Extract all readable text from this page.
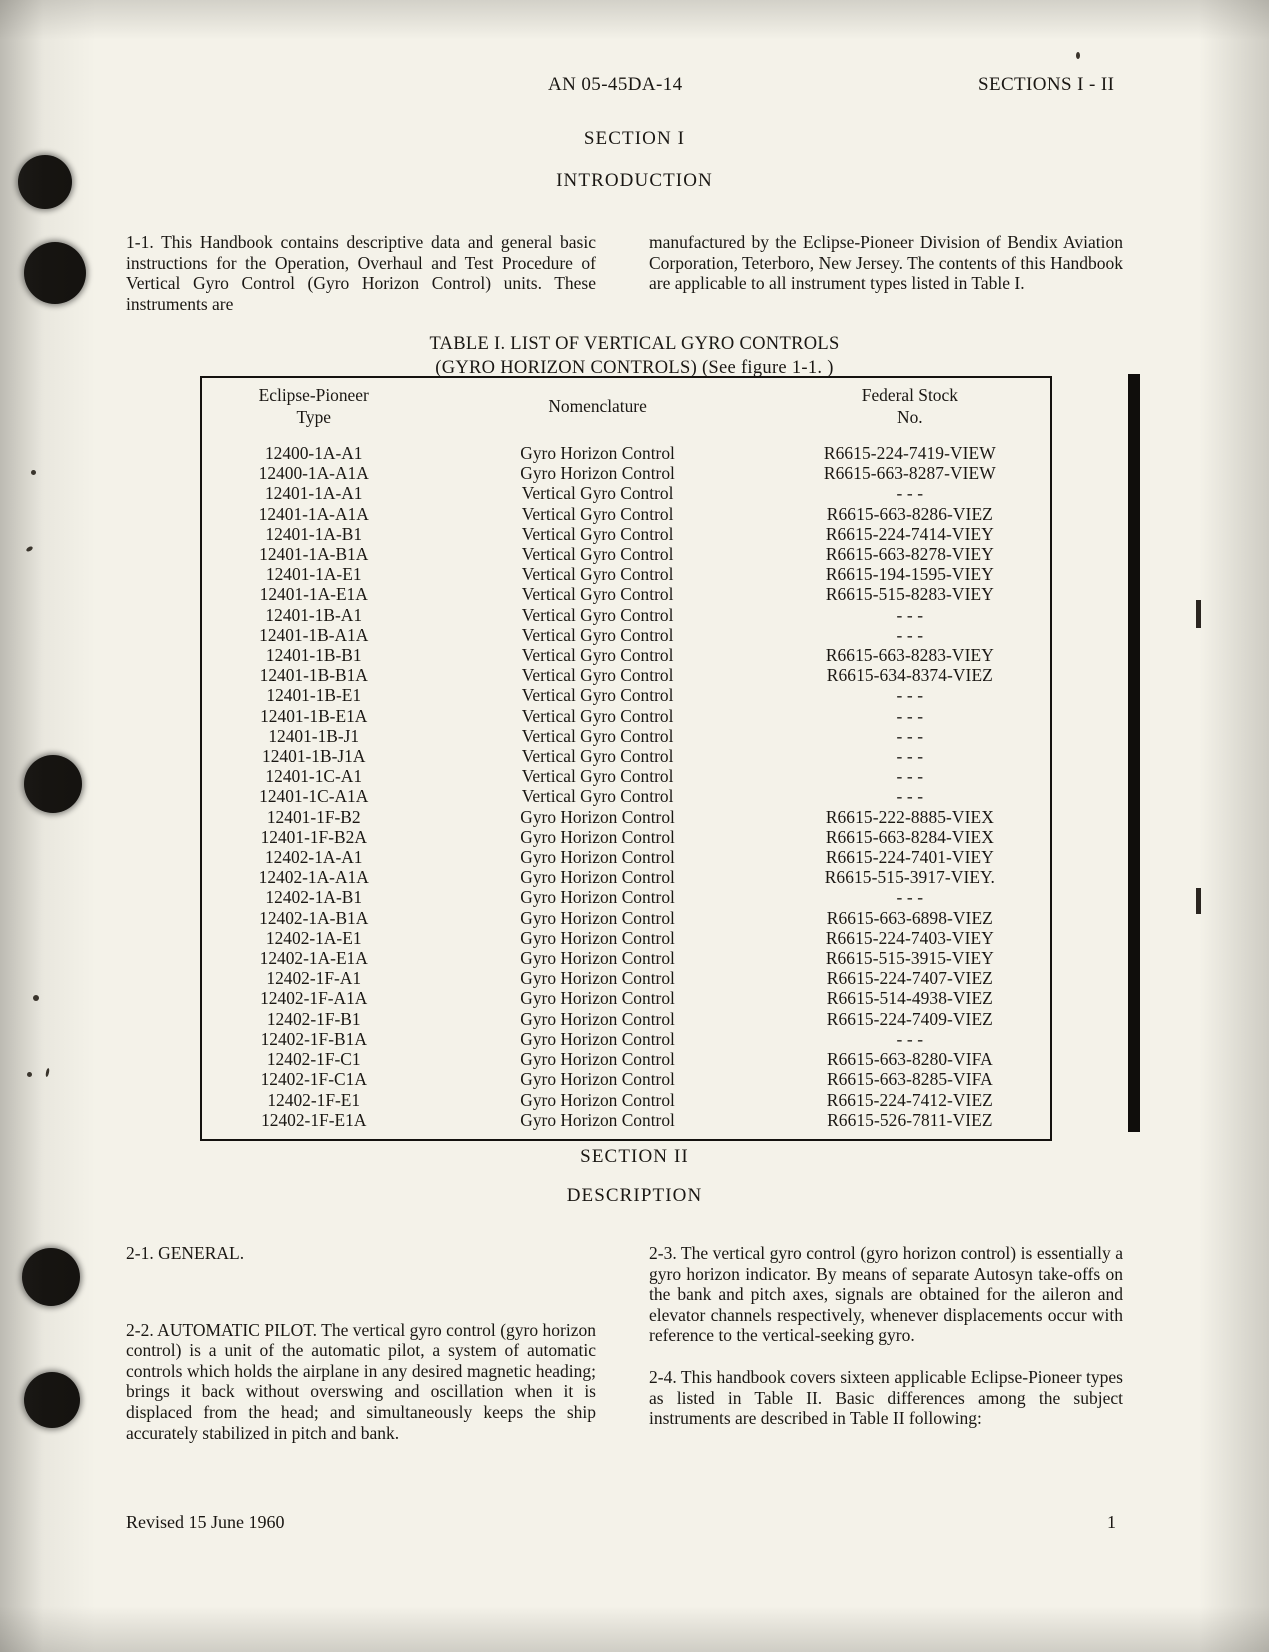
AN 05-45DA-14	SECTIONS I - II
SECTION I
INTRODUCTION

1-1. This Handbook contains descriptive data and general basic instructions for the Operation, Overhaul and Test Procedure of Vertical Gyro Control (Gyro Horizon Control) units. These instruments are

manufactured by the Eclipse-Pioneer Division of Bendix Aviation Corporation, Teterboro, New Jersey. The contents of this Handbook are applicable to all instrument types listed in Table I.

TABLE I. LIST OF VERTICAL GYRO CONTROLS
(GYRO HORIZON CONTROLS) (See figure 1-1. )
Eclipse-Pioneer
Type	Nomenclature	Federal Stock
No.

12400-1A-A1	Gyro Horizon Control	R6615-224-7419-VIEW
12400-1A-A1A	Gyro Horizon Control	R6615-663-8287-VIEW
12401-1A-A1	Vertical Gyro Control	- - -
12401-1A-A1A	Vertical Gyro Control	R6615-663-8286-VIEZ
12401-1A-B1	Vertical Gyro Control	R6615-224-7414-VIEY
12401-1A-B1A	Vertical Gyro Control	R6615-663-8278-VIEY
12401-1A-E1	Vertical Gyro Control	R6615-194-1595-VIEY
12401-1A-E1A	Vertical Gyro Control	R6615-515-8283-VIEY
12401-1B-A1	Vertical Gyro Control	- - -
12401-1B-A1A	Vertical Gyro Control	- - -
12401-1B-B1	Vertical Gyro Control	R6615-663-8283-VIEY
12401-1B-B1A	Vertical Gyro Control	R6615-634-8374-VIEZ
12401-1B-E1	Vertical Gyro Control	- - -
12401-1B-E1A	Vertical Gyro Control	- - -
12401-1B-J1	Vertical Gyro Control	- - -
12401-1B-J1A	Vertical Gyro Control	- - -
12401-1C-A1	Vertical Gyro Control	- - -
12401-1C-A1A	Vertical Gyro Control	- - -
12401-1F-B2	Gyro Horizon Control	R6615-222-8885-VIEX
12401-1F-B2A	Gyro Horizon Control	R6615-663-8284-VIEX
12402-1A-A1	Gyro Horizon Control	R6615-224-7401-VIEY
12402-1A-A1A	Gyro Horizon Control	R6615-515-3917-VIEY.
12402-1A-B1	Gyro Horizon Control	- - -
12402-1A-B1A	Gyro Horizon Control	R6615-663-6898-VIEZ
12402-1A-E1	Gyro Horizon Control	R6615-224-7403-VIEY
12402-1A-E1A	Gyro Horizon Control	R6615-515-3915-VIEY
12402-1F-A1	Gyro Horizon Control	R6615-224-7407-VIEZ
12402-1F-A1A	Gyro Horizon Control	R6615-514-4938-VIEZ
12402-1F-B1	Gyro Horizon Control	R6615-224-7409-VIEZ
12402-1F-B1A	Gyro Horizon Control	- - -
12402-1F-C1	Gyro Horizon Control	R6615-663-8280-VIFA
12402-1F-C1A	Gyro Horizon Control	R6615-663-8285-VIFA
12402-1F-E1	Gyro Horizon Control	R6615-224-7412-VIEZ
12402-1F-E1A	Gyro Horizon Control	R6615-526-7811-VIEZ

SECTION II
DESCRIPTION

2-1. GENERAL.

2-2. AUTOMATIC PILOT. The vertical gyro control (gyro horizon control) is a unit of the automatic pilot, a system of automatic controls which holds the airplane in any desired magnetic heading; brings it back without overswing and oscillation when it is displaced from the head; and simultaneously keeps the ship accurately stabilized in pitch and bank.

2-3. The vertical gyro control (gyro horizon control) is essentially a gyro horizon indicator. By means of separate Autosyn take-offs on the bank and pitch axes, signals are obtained for the aileron and elevator channels respectively, whenever displacements occur with reference to the vertical-seeking gyro.

2-4. This handbook covers sixteen applicable Eclipse-Pioneer types as listed in Table II. Basic differences among the subject instruments are described in Table II following:

Revised 15 June 1960	1
